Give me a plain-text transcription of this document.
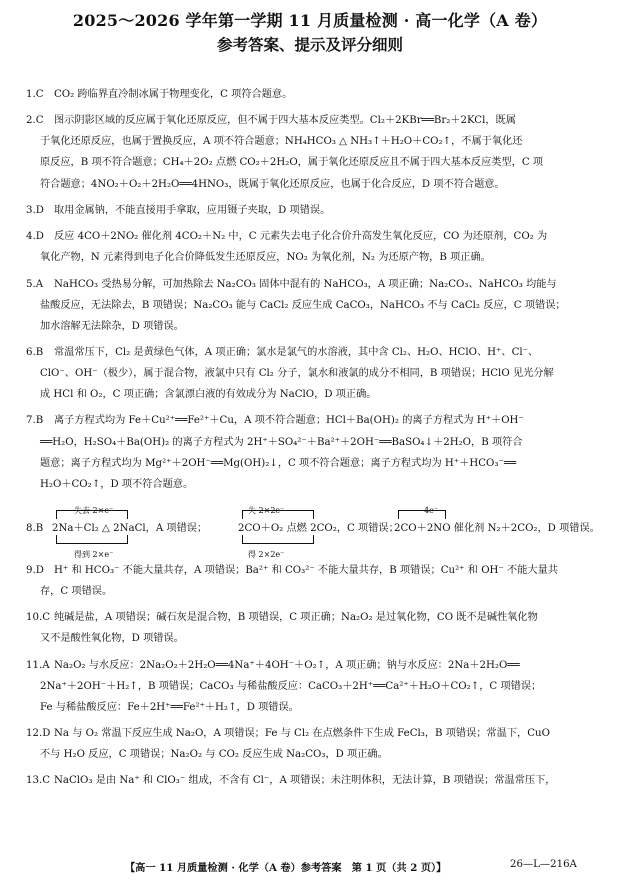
2025～2026 学年第一学期 11 月质量检测 · 高一化学（A 卷）
参考答案、提示及评分细则
1.C CO₂ 跨临界直冷制冰属于物理变化，C 项符合题意。
2.C 图示阴影区域的反应属于氧化还原反应，但不属于四大基本反应类型。Cl₂＋2KBr══Br₂＋2KCl，既属
于氧化还原反应，也属于置换反应，A 项不符合题意；NH₄HCO₃ △ NH₃↑＋H₂O＋CO₂↑，不属于氧化还
原反应，B 项不符合题意；CH₄＋2O₂ 点燃 CO₂＋2H₂O，属于氧化还原反应且不属于四大基本反应类型，C 项
符合题意；4NO₂＋O₂＋2H₂O══4HNO₃，既属于氧化还原反应，也属于化合反应，D 项不符合题意。
3.D 取用金属钠，不能直接用手拿取，应用镊子夹取，D 项错误。
4.D 反应 4CO＋2NO₂ 催化剂 4CO₂＋N₂ 中，C 元素失去电子化合价升高发生氧化反应，CO 为还原剂，CO₂ 为
氧化产物，N 元素得到电子化合价降低发生还原反应，NO₂ 为氧化剂，N₂ 为还原产物，B 项正确。
5.A NaHCO₃ 受热易分解，可加热除去 Na₂CO₃ 固体中混有的 NaHCO₃，A 项正确；Na₂CO₃、NaHCO₃ 均能与
盐酸反应，无法除去，B 项错误；Na₂CO₃ 能与 CaCl₂ 反应生成 CaCO₃，NaHCO₃ 不与 CaCl₂ 反应，C 项错误；
加水溶解无法除杂，D 项错误。
6.B 常温常压下，Cl₂ 是黄绿色气体，A 项正确；氯水是氯气的水溶液，其中含 Cl₂、H₂O、HClO、H⁺、Cl⁻、
ClO⁻、OH⁻（极少），属于混合物，液氯中只有 Cl₂ 分子，氯水和液氯的成分不相同，B 项错误；HClO 见光分解
成 HCl 和 O₂，C 项正确；含氯漂白液的有效成分为 NaClO，D 项正确。
7.B 离子方程式均为 Fe＋Cu²⁺══Fe²⁺＋Cu，A 项不符合题意；HCl＋Ba(OH)₂ 的离子方程式为 H⁺＋OH⁻
══H₂O，H₂SO₄＋Ba(OH)₂ 的离子方程式为 2H⁺＋SO₄²⁻＋Ba²⁺＋2OH⁻══BaSO₄↓＋2H₂O，B 项符合
题意；离子方程式均为 Mg²⁺＋2OH⁻══Mg(OH)₂↓，C 项不符合题意；离子方程式均为 H⁺＋HCO₃⁻══
H₂O＋CO₂↑，D 项不符合题意。
8.B 2Na＋Cl₂ △ 2NaCl，A 项错误；	2CO＋O₂ 点燃 2CO₂，C 项错误；
2CO＋2NO 催化剂 N₂＋2CO₂，D 项错误。
失去 2×e⁻
得到 2×e⁻
失 2×2e⁻
得 2×2e⁻
4e⁻
9.D H⁺ 和 HCO₃⁻ 不能大量共存，A 项错误；Ba²⁺ 和 CO₃²⁻ 不能大量共存，B 项错误；Cu²⁺ 和 OH⁻ 不能大量共
存，C 项错误。
10.C 纯碱是盐，A 项错误；碱石灰是混合物，B 项错误，C 项正确；Na₂O₂ 是过氧化物，CO 既不是碱性氧化物
又不是酸性氧化物，D 项错误。
11.A Na₂O₂ 与水反应：2Na₂O₂＋2H₂O══4Na⁺＋4OH⁻＋O₂↑，A 项正确；钠与水反应：2Na＋2H₂O══
2Na⁺＋2OH⁻＋H₂↑，B 项错误；CaCO₃ 与稀盐酸反应：CaCO₃＋2H⁺══Ca²⁺＋H₂O＋CO₂↑，C 项错误；
Fe 与稀盐酸反应：Fe＋2H⁺══Fe²⁺＋H₂↑，D 项错误。
12.D Na 与 O₂ 常温下反应生成 Na₂O，A 项错误；Fe 与 Cl₂ 在点燃条件下生成 FeCl₃，B 项错误；常温下，CuO
不与 H₂O 反应，C 项错误；Na₂O₂ 与 CO₂ 反应生成 Na₂CO₃，D 项正确。
13.C NaClO₃ 是由 Na⁺ 和 ClO₃⁻ 组成，不含有 Cl⁻，A 项错误；未注明体积，无法计算，B 项错误；常温常压下，
【高一 11 月质量检测 · 化学（A 卷）参考答案　第 1 页（共 2 页）】	26—L—216A
